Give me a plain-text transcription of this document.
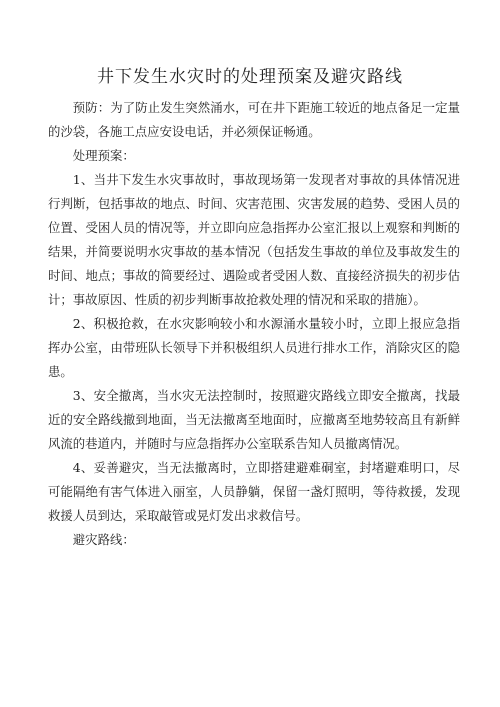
井下发生水灾时的处理预案及避灾路线

预防：为了防止发生突然涌水，可在井下距施工较近的地点备足一定量的沙袋，各施工点应安设电话，并必须保证畅通。

处理预案：

1、当井下发生水灾事故时，事故现场第一发现者对事故的具体情况进行判断，包括事故的地点、时间、灾害范围、灾害发展的趋势、受困人员的位置、受困人员的情况等，并立即向应急指挥办公室汇报以上观察和判断的结果，并简要说明水灾事故的基本情况（包括发生事故的单位及事故发生的时间、地点；事故的简要经过、遇险或者受困人数、直接经济损失的初步估计；事故原因、性质的初步判断事故抢救处理的情况和采取的措施）。

2、积极抢救，在水灾影响较小和水源涌水量较小时，立即上报应急指挥办公室，由带班队长领导下并积极组织人员进行排水工作，消除灾区的隐患。

3、安全撤离，当水灾无法控制时，按照避灾路线立即安全撤离，找最近的安全路线撤到地面，当无法撤离至地面时，应撤离至地势较高且有新鲜风流的巷道内，并随时与应急指挥办公室联系告知人员撤离情况。

4、妥善避灾，当无法撤离时，立即搭建避难硐室，封堵避难明口，尽可能隔绝有害气体进入丽室，人员静躺，保留一盏灯照明，等待救援，发现救援人员到达，采取敲管或晃灯发出求救信号。

避灾路线：
